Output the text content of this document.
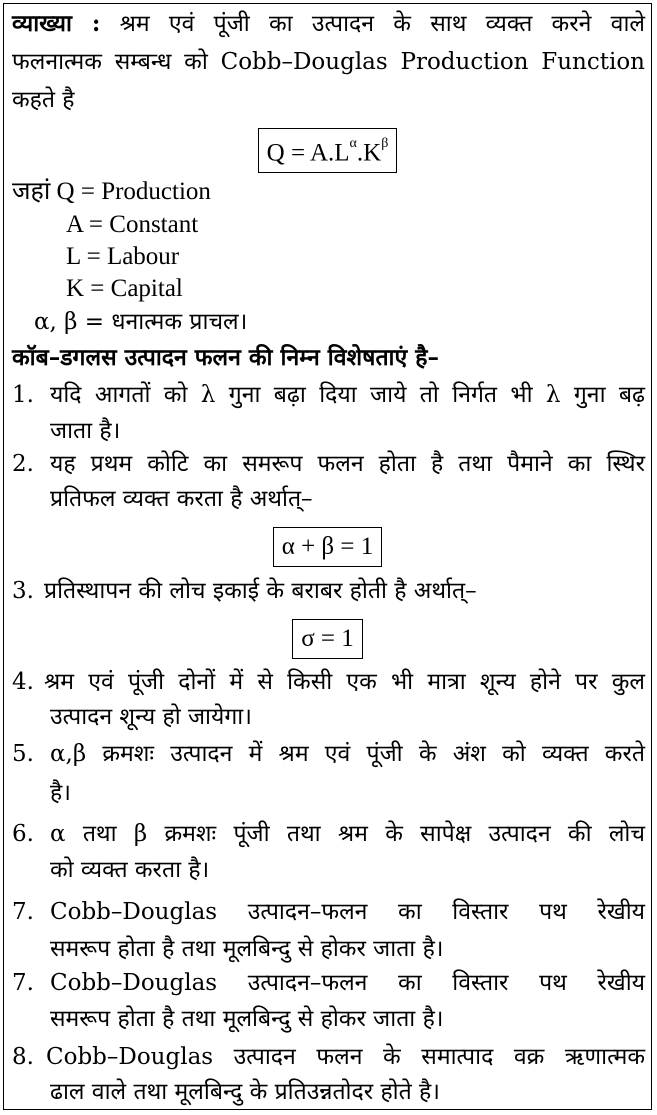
व्याख्या : श्रम एवं पूंजी का उत्पादन के साथ व्यक्त करने वाले
फलनात्मक सम्बन्ध को Cobb–Douglas Production Function
कहते है
$Q = A.L^\alpha.K^\beta$
जहां Q = Production
A = Constant
L = Labour
K = Capital
α, β = धनात्मक प्राचल।
कॉब–डगलस उत्पादन फलन की निम्न विशेषताएं है–
1. यदि आगतों को λ गुना बढ़ा दिया जाये तो निर्गत भी λ गुना बढ़
जाता है।
2. यह प्रथम कोटि का समरूप फलन होता है तथा पैमाने का स्थिर
प्रतिफल व्यक्त करता है अर्थात्–
α + β = 1
3. प्रतिस्थापन की लोच इकाई के बराबर होती है अर्थात्–
σ = 1
4. श्रम एवं पूंजी दोनों में से किसी एक भी मात्रा शून्य होने पर कुल
उत्पादन शून्य हो जायेगा।
5. α,β क्रमशः उत्पादन में श्रम एवं पूंजी के अंश को व्यक्त करते
है।
6. α तथा β क्रमशः पूंजी तथा श्रम के सापेक्ष उत्पादन की लोच
को व्यक्त करता है।
7. Cobb–Douglas उत्पादन–फलन का विस्तार पथ रेखीय
समरूप होता है तथा मूलबिन्दु से होकर जाता है।
7. Cobb–Douglas उत्पादन–फलन का विस्तार पथ रेखीय
समरूप होता है तथा मूलबिन्दु से होकर जाता है।
8. Cobb–Douglas उत्पादन फलन के समात्पाद वक्र ऋणात्मक
ढाल वाले तथा मूलबिन्दु के प्रतिउन्नतोदर होते है।
